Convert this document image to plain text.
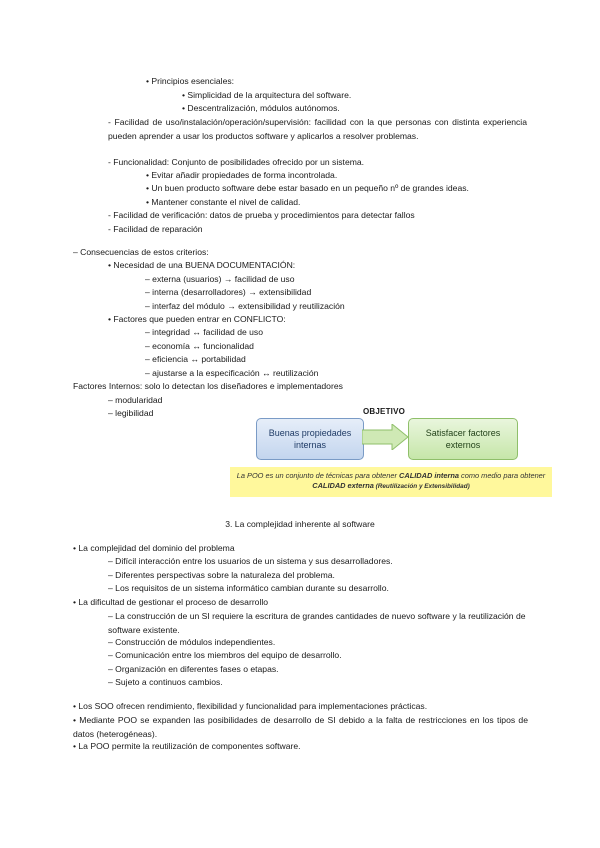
• Principios esenciales:
• Simplicidad de la arquitectura del software.
• Descentralización, módulos autónomos.
- Facilidad de uso/instalación/operación/supervisión: facilidad con la que personas con distinta experiencia pueden aprender a usar los productos software y aplicarlos a resolver problemas.
- Funcionalidad: Conjunto de posibilidades ofrecido por un sistema.
• Evitar añadir propiedades de forma incontrolada.
• Un buen producto software debe estar basado en un pequeño nº de grandes ideas.
• Mantener constante el nivel de calidad.
- Facilidad de verificación: datos de prueba y procedimientos para detectar fallos
- Facilidad de reparación
– Consecuencias de estos criterios:
• Necesidad de una BUENA DOCUMENTACIÓN:
– externa (usuarios) → facilidad de uso
– interna (desarrolladores) → extensibilidad
– interfaz del módulo → extensibilidad y reutilización
• Factores que pueden entrar en CONFLICTO:
– integridad ↔ facilidad de uso
– economía ↔ funcionalidad
– eficiencia ↔ portabilidad
– ajustarse a la especificación ↔ reutilización
Factores Internos: solo lo detectan los diseñadores e implementadores
– modularidad
– legibilidad	OBJETIVO
Buenas propiedades internas
Satisfacer factores externos
La POO es un conjunto de técnicas para obtener CALIDAD interna como medio para obtener CALIDAD externa (Reutilización y Extensibilidad)
3. La complejidad inherente al software
• La complejidad del dominio del problema
– Difícil interacción entre los usuarios de un sistema y sus desarrolladores.
– Diferentes perspectivas sobre la naturaleza del problema.
– Los requisitos de un sistema informático cambian durante su desarrollo.
• La dificultad de gestionar el proceso de desarrollo
– La construcción de un SI requiere la escritura de grandes cantidades de nuevo software y la reutilización de software existente.
– Construcción de módulos independientes.
– Comunicación entre los miembros del equipo de desarrollo.
– Organización en diferentes fases o etapas.
– Sujeto a continuos cambios.
• Los SOO ofrecen rendimiento, flexibilidad y funcionalidad para implementaciones prácticas.
• Mediante POO se expanden las posibilidades de desarrollo de SI debido a la falta de restricciones en los tipos de datos (heterogéneas).
• La POO permite la reutilización de componentes software.
